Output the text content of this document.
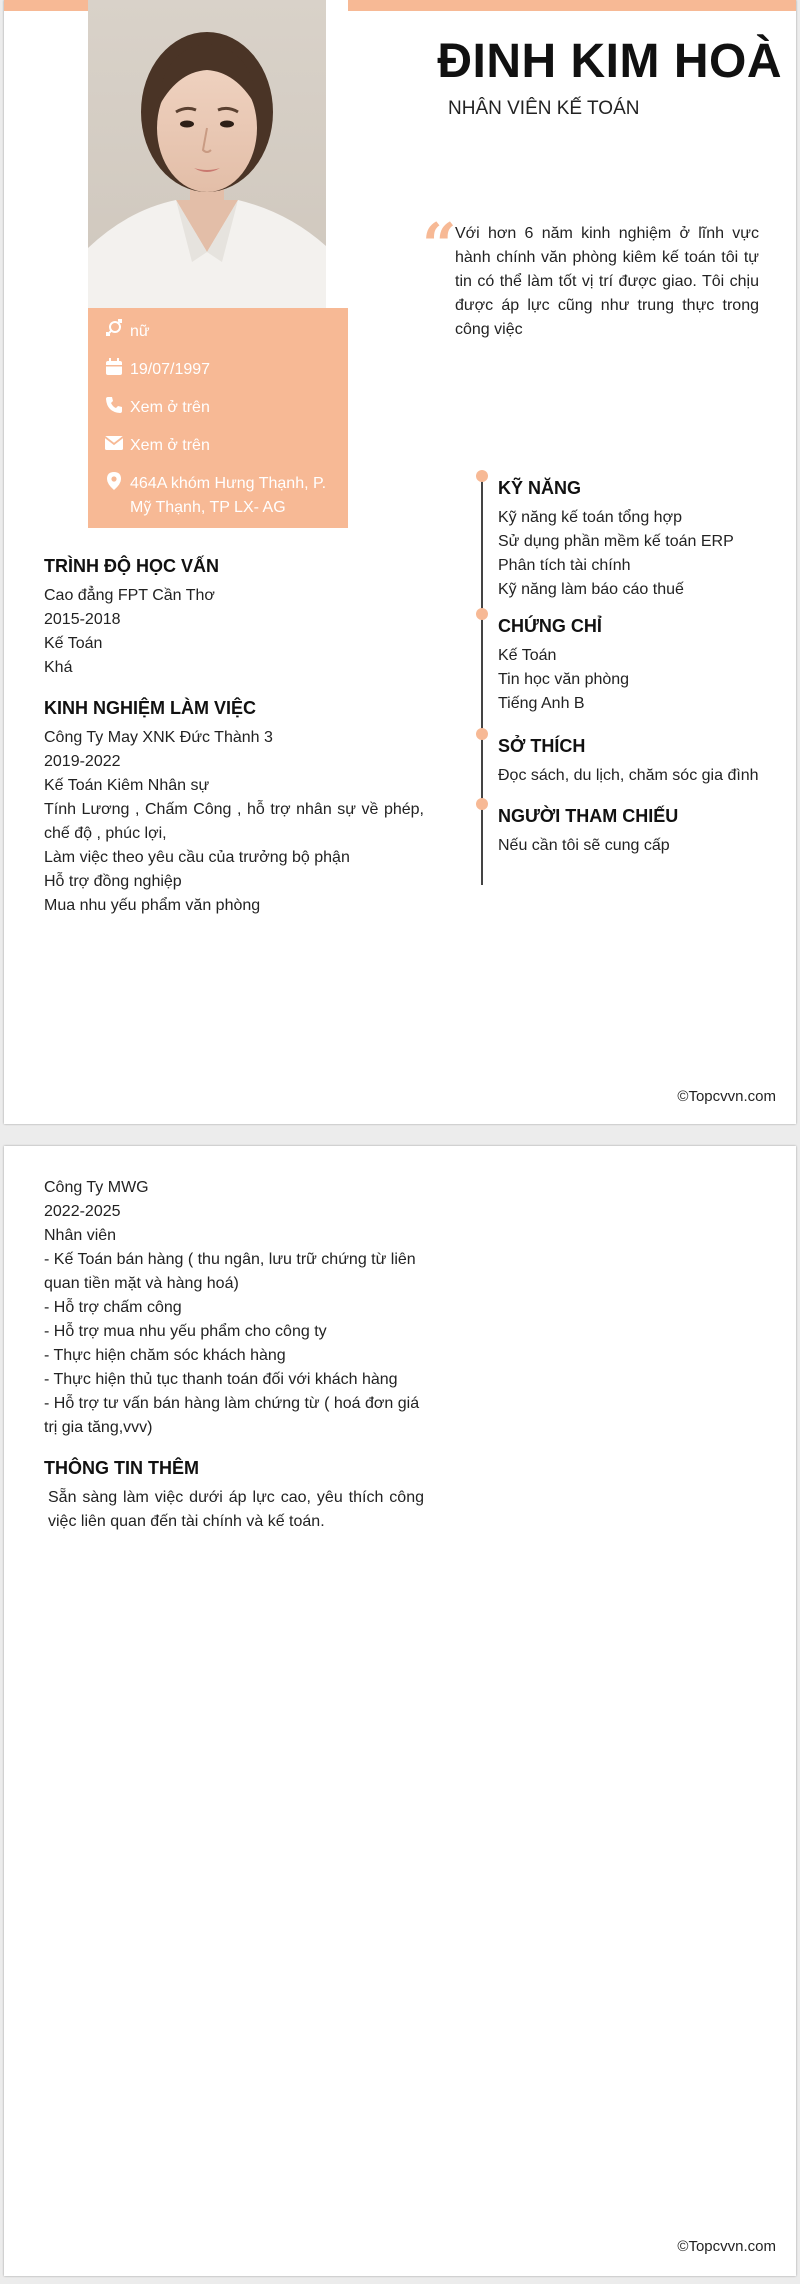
nữ
19/07/1997
Xem ở trên
Xem ở trên
464A khóm Hưng Thạnh, P. Mỹ Thạnh, TP LX- AG
ĐINH KIM HOÀ
NHÂN VIÊN KẾ TOÁN
“
Với hơn 6 năm kinh nghiệm ở lĩnh vực hành chính văn phòng kiêm kế toán tôi tự tin có thể làm tốt vị trí được giao. Tôi chịu được áp lực cũng như trung thực trong công việc
TRÌNH ĐỘ HỌC VẤN
Cao đẳng FPT Cần Thơ
2015-2018
Kế Toán
Khá
KINH NGHIỆM LÀM VIỆC
Công Ty May XNK Đức Thành 3
2019-2022
Kế Toán Kiêm Nhân sự
Tính Lương , Chấm Công , hỗ trợ nhân sự về phép, chế độ , phúc lợi,
Làm việc theo yêu cầu của trưởng bộ phận
Hỗ trợ đồng nghiệp
Mua nhu yếu phẩm văn phòng
KỸ NĂNG
Kỹ năng kế toán tổng hợp
Sử dụng phần mềm kế toán ERP
Phân tích tài chính
Kỹ năng làm báo cáo thuế
CHỨNG CHỈ
Kế Toán
Tin học văn phòng
Tiếng Anh B
SỞ THÍCH
Đọc sách, du lịch, chăm sóc gia đình
NGƯỜI THAM CHIẾU
Nếu cần tôi sẽ cung cấp
©Topcvvn.com
Công Ty MWG
2022-2025
Nhân viên
- Kế Toán bán hàng ( thu ngân, lưu trữ chứng từ liên quan tiền mặt và hàng hoá)
- Hỗ trợ chấm công
- Hỗ trợ mua nhu yếu phẩm cho công ty
- Thực hiện chăm sóc khách hàng
- Thực hiện thủ tục thanh toán đối với khách hàng
- Hỗ trợ tư vấn bán hàng làm chứng từ ( hoá đơn giá trị gia tăng,vvv)
THÔNG TIN THÊM
Sẵn sàng làm việc dưới áp lực cao, yêu thích công việc liên quan đến tài chính và kế toán.
©Topcvvn.com
